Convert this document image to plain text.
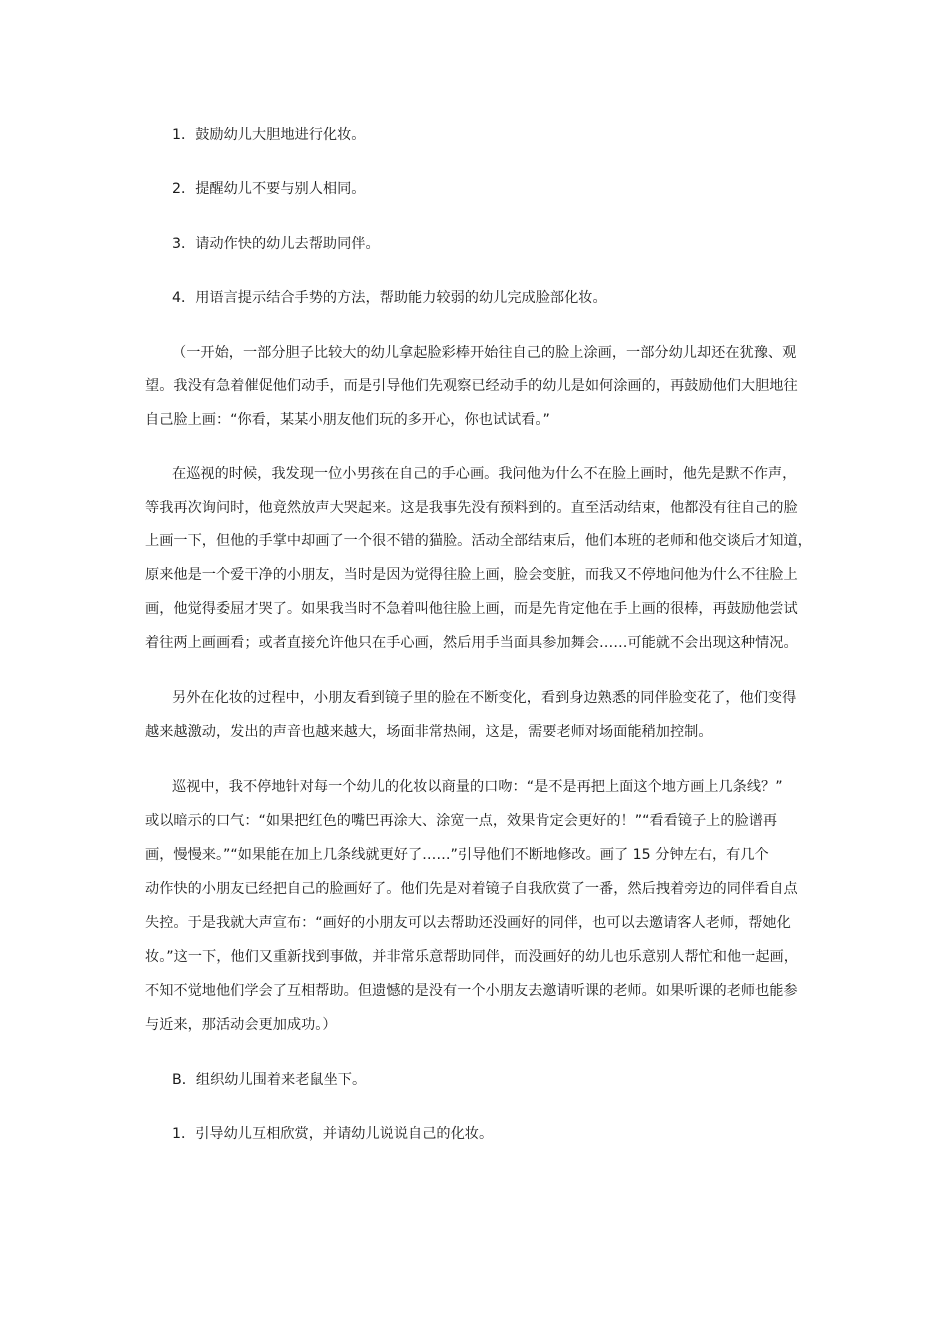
1．鼓励幼儿大胆地进行化妆。
2．提醒幼儿不要与别人相同。
3．请动作快的幼儿去帮助同伴。
4．用语言提示结合手势的方法，帮助能力较弱的幼儿完成脸部化妆。
（一开始，一部分胆子比较大的幼儿拿起脸彩棒开始往自己的脸上涂画，一部分幼儿却还在犹豫、观
望。我没有急着催促他们动手，而是引导他们先观察已经动手的幼儿是如何涂画的，再鼓励他们大胆地往
自己脸上画：“你看，某某小朋友他们玩的多开心，你也试试看。”
在巡视的时候，我发现一位小男孩在自己的手心画。我问他为什么不在脸上画时，他先是默不作声，
等我再次询问时，他竟然放声大哭起来。这是我事先没有预料到的。直至活动结束，他都没有往自己的脸
上画一下，但他的手掌中却画了一个很不错的猫脸。活动全部结束后，他们本班的老师和他交谈后才知道，
原来他是一个爱干净的小朋友，当时是因为觉得往脸上画，脸会变脏，而我又不停地问他为什么不往脸上
画，他觉得委屈才哭了。如果我当时不急着叫他往脸上画，而是先肯定他在手上画的很棒，再鼓励他尝试
着往两上画画看；或者直接允许他只在手心画，然后用手当面具参加舞会……可能就不会出现这种情况。
另外在化妆的过程中，小朋友看到镜子里的脸在不断变化，看到身边熟悉的同伴脸变花了，他们变得
越来越激动，发出的声音也越来越大，场面非常热闹，这是，需要老师对场面能稍加控制。
巡视中，我不停地针对每一个幼儿的化妆以商量的口吻：“是不是再把上面这个地方画上几条线？”
或以暗示的口气：“如果把红色的嘴巴再涂大、涂宽一点，效果肯定会更好的！”“看看镜子上的脸谱再
画，慢慢来。”“如果能在加上几条线就更好了……”引导他们不断地修改。画了 15 分钟左右，有几个
动作快的小朋友已经把自己的脸画好了。他们先是对着镜子自我欣赏了一番，然后拽着旁边的同伴看自点
失控。于是我就大声宣布：“画好的小朋友可以去帮助还没画好的同伴，也可以去邀请客人老师，帮她化
妆。”这一下，他们又重新找到事做，并非常乐意帮助同伴，而没画好的幼儿也乐意别人帮忙和他一起画，
不知不觉地他们学会了互相帮助。但遗憾的是没有一个小朋友去邀请听课的老师。如果听课的老师也能参
与近来，那活动会更加成功。）
B．组织幼儿围着来老鼠坐下。
1．引导幼儿互相欣赏，并请幼儿说说自己的化妆。
